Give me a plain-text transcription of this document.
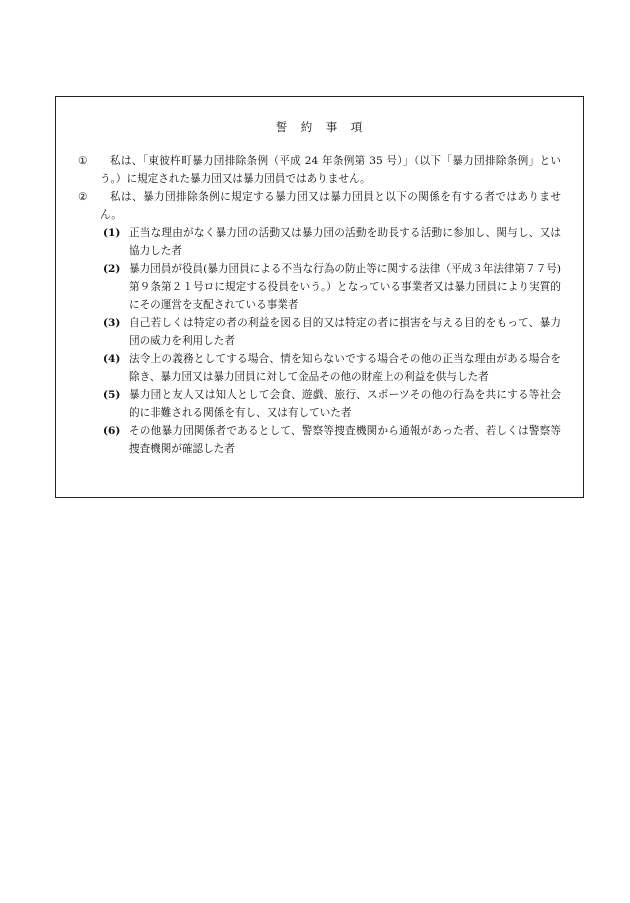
誓　約　事　項
①	私は、「東彼杵町暴力団排除条例（平成 24 年条例第 35 号）」（以下「暴力団排除条例」という。）に規定された暴力団又は暴力団員ではありません。
②	私は、暴力団排除条例に規定する暴力団又は暴力団員と以下の関係を有する者ではありません。
(1) 正当な理由がなく暴力団の活動又は暴力団の活動を助長する活動に参加し、関与し、又は協力した者
(2) 暴力団員が役員(暴力団員による不当な行為の防止等に関する法律（平成３年法律第７７号)第９条第２１号ロに規定する役員をいう。）となっている事業者又は暴力団員により実質的にその運営を支配されている事業者
(3) 自己若しくは特定の者の利益を図る目的又は特定の者に損害を与える目的をもって、暴力団の威力を利用した者
(4) 法令上の義務としてする場合、情を知らないでする場合その他の正当な理由がある場合を除き、暴力団又は暴力団員に対して金品その他の財産上の利益を供与した者
(5) 暴力団と友人又は知人として会食、遊戯、旅行、スポーツその他の行為を共にする等社会的に非難される関係を有し、又は有していた者
(6) その他暴力団関係者であるとして、警察等捜査機関から通報があった者、若しくは警察等捜査機関が確認した者
